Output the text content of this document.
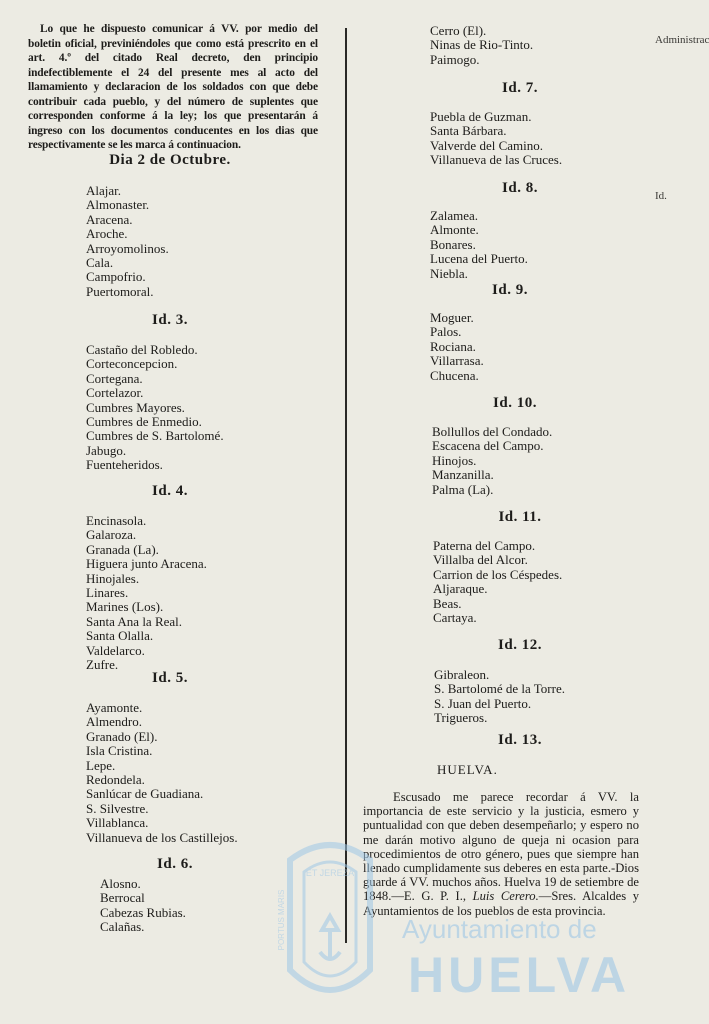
Lo que he dispuesto comunicar á VV. por medio del boletin oficial, previniéndoles que como está prescrito en el art. 4.º del citado Real decreto, den principio indefectiblemente el 24 del presente mes al acto del llamamiento y declaracion de los soldados con que debe contribuir cada pueblo, y del número de suplentes que corresponden conforme á la ley; los que presentarán á ingreso con los documentos conducentes en los dias que respectivamente se les marca á continuacion.

Dia 2 de Octubre.
Alajar.
Almonaster.
Aracena.
Aroche.
Arroyomolinos.
Cala.
Campofrio.
Puertomoral.
Id. 3.
Castaño del Robledo.
Corteconcepcion.
Cortegana.
Cortelazor.
Cumbres Mayores.
Cumbres de Enmedio.
Cumbres de S. Bartolomé.
Jabugo.
Fuenteheridos.
Id. 4.
Encinasola.
Galaroza.
Granada (La).
Higuera junto Aracena.
Hinojales.
Linares.
Marines (Los).
Santa Ana la Real.
Santa Olalla.
Valdelarco.
Zufre.
Id. 5.
Ayamonte.
Almendro.
Granado (El).
Isla Cristina.
Lepe.
Redondela.
Sanlúcar de Guadiana.
S. Silvestre.
Villablanca.
Villanueva de los Castillejos.
Id. 6.
Alosno.
Berrocal
Cabezas Rubias.
Calañas.
Cerro (El).
Ninas de Rio-Tinto.
Paimogo.
Id. 7.
Puebla de Guzman.
Santa Bárbara.
Valverde del Camino.
Villanueva de las Cruces.
Id. 8.
Zalamea.
Almonte.
Bonares.
Lucena del Puerto.
Niebla.
Id. 9.
Moguer.
Palos.
Rociana.
Villarrasa.
Chucena.
Id. 10.
Bollullos del Condado.
Escacena del Campo.
Hinojos.
Manzanilla.
Palma (La).
Id. 11.
Paterna del Campo.
Villalba del Alcor.
Carrion de los Céspedes.
Aljaraque.
Beas.
Cartaya.
Id. 12.
Gibraleon.
S. Bartolomé de la Torre.
S. Juan del Puerto.
Trigueros.
Id. 13.
HUELVA.

Escusado me parece recordar á VV. la importancia de este servicio y la justicia, esmero y puntualidad con que deben desempeñarlo; y espero no me darán motivo alguno de queja ni ocasion para procedimientos de otro género, pues que siempre han llenado cumplidamente sus deberes en esta parte.-Dios guarde á VV. muchos años. Huelva 19 de setiembre de 1848.—E. G. P. I., Luis Cerero.—Sres. Alcaldes y Ayuntamientos de los pueblos de esta provincia.

ET JEREZA
PORTUS MARIS	Ayuntamiento de
HUELVA
Administrac
Id.
